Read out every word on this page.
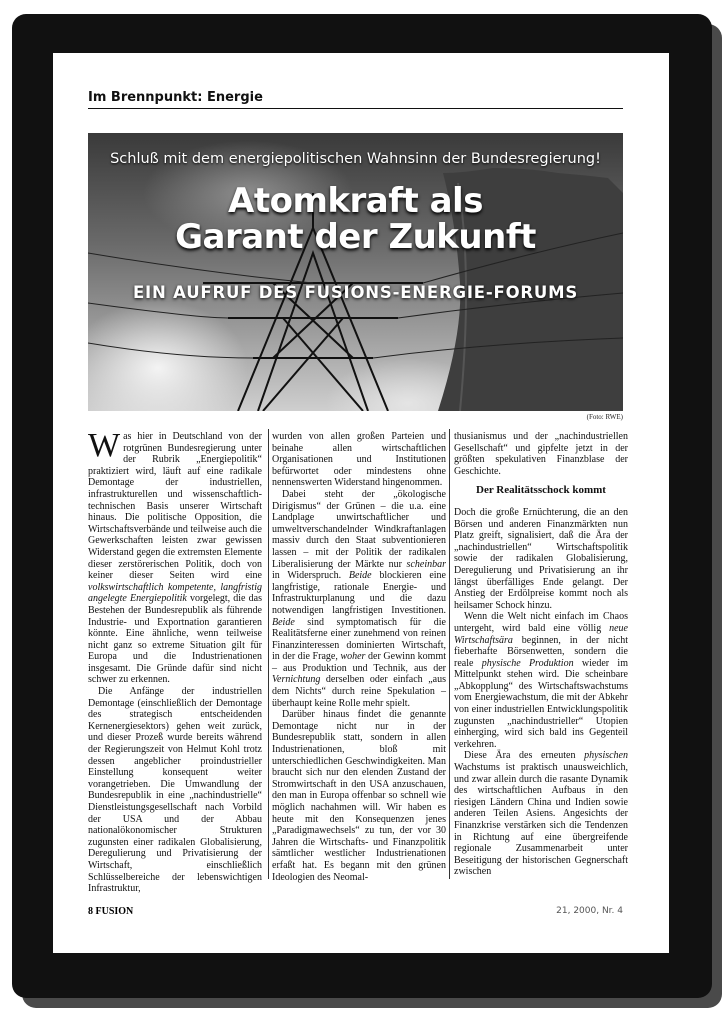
Im Brennpunkt: Energie
Schluß mit dem energiepolitischen Wahnsinn der Bundesregierung!
Atomkraft als
Garant der Zukunft
EIN AUFRUF DES FUSIONS-ENERGIE-FORUMS
(Foto: RWE)

Was hier in Deutschland von der rotgrünen Bundesregierung unter der Rubrik „Energiepolitik“ praktiziert wird, läuft auf eine radikale Demontage der industriellen, infrastrukturellen und wissenschaftlich-technischen Basis unserer Wirtschaft hinaus. Die politische Opposition, die Wirtschaftsverbände und teilweise auch die Gewerkschaften leisten zwar gewissen Widerstand gegen die extremsten Elemente dieser zerstörerischen Politik, doch von keiner dieser Seiten wird eine volkswirtschaftlich kompetente, langfristig angelegte Energiepolitik vorgelegt, die das Bestehen der Bundesrepublik als führende Industrie- und Exportnation garantieren könnte. Eine ähnliche, wenn teilweise nicht ganz so extreme Situation gilt für Europa und die Industrienationen insgesamt. Die Gründe dafür sind nicht schwer zu erkennen.

Die Anfänge der industriellen Demontage (einschließlich der Demontage des strategisch entscheidenden Kernenergiesektors) gehen weit zurück, und dieser Prozeß wurde bereits während der Regierungszeit von Helmut Kohl trotz dessen angeblicher proindustrieller Einstellung konsequent weiter vorangetrieben. Die Umwandlung der Bundesrepublik in eine „nachindustrielle“ Dienstleistungsgesellschaft nach Vorbild der USA und der Abbau nationalökonomischer Strukturen zugunsten einer radikalen Globalisierung, Deregulierung und Privatisierung der Wirtschaft, einschließlich Schlüsselbereiche der lebenswichtigen Infrastruktur,

wurden von allen großen Parteien und beinahe allen wirtschaftlichen Organisationen und Institutionen befürwortet oder mindestens ohne nennenswerten Widerstand hingenommen.

Dabei steht der „ökologische Dirigismus“ der Grünen – die u.a. eine Landplage unwirtschaftlicher und umweltverschandelnder Windkraftanlagen massiv durch den Staat subventionieren lassen – mit der Politik der radikalen Liberalisierung der Märkte nur scheinbar in Widerspruch. Beide blockieren eine langfristige, rationale Energie- und Infrastrukturplanung und die dazu notwendigen langfristigen Investitionen. Beide sind symptomatisch für die Realitätsferne einer zunehmend von reinen Finanzinteressen dominierten Wirtschaft, in der die Frage, woher der Gewinn kommt – aus Produktion und Technik, aus der Vernichtung derselben oder einfach „aus dem Nichts“ durch reine Spekulation – überhaupt keine Rolle mehr spielt.

Darüber hinaus findet die genannte Demontage nicht nur in der Bundesrepublik statt, sondern in allen Industrienationen, bloß mit unterschiedlichen Geschwindigkeiten. Man braucht sich nur den elenden Zustand der Stromwirtschaft in den USA anzuschauen, den man in Europa offenbar so schnell wie möglich nachahmen will. Wir haben es heute mit den Konsequenzen jenes „Paradigmawechsels“ zu tun, der vor 30 Jahren die Wirtschafts- und Finanzpolitik sämtlicher westlicher Industrienationen erfaßt hat. Es begann mit den grünen Ideologien des Neomal-

thusianismus und der „nachindustriellen Gesellschaft“ und gipfelte jetzt in der größten spekulativen Finanzblase der Geschichte.

Der Realitätsschock kommt

Doch die große Ernüchterung, die an den Börsen und anderen Finanzmärkten nun Platz greift, signalisiert, daß die Ära der „nachindustriellen“ Wirtschaftspolitik sowie der radikalen Globalisierung, Deregulierung und Privatisierung an ihr längst überfälliges Ende gelangt. Der Anstieg der Erdölpreise kommt noch als heilsamer Schock hinzu.

Wenn die Welt nicht einfach im Chaos untergeht, wird bald eine völlig neue Wirtschaftsära beginnen, in der nicht fieberhafte Börsenwetten, sondern die reale physische Produktion wieder im Mittelpunkt stehen wird. Die scheinbare „Abkopplung“ des Wirtschaftswachstums vom Energiewachstum, die mit der Abkehr von einer industriellen Entwicklungspolitik zugunsten „nachindustrieller“ Utopien einherging, wird sich bald ins Gegenteil verkehren.

Diese Ära des erneuten physischen Wachstums ist praktisch unausweichlich, und zwar allein durch die rasante Dynamik des wirtschaftlichen Aufbaus in den riesigen Ländern China und Indien sowie anderen Teilen Asiens. Angesichts der Finanzkrise verstärken sich die Tendenzen in Richtung auf eine übergreifende regionale Zusammenarbeit unter Beseitigung der historischen Gegnerschaft zwischen

8 FUSION	21, 2000, Nr. 4
